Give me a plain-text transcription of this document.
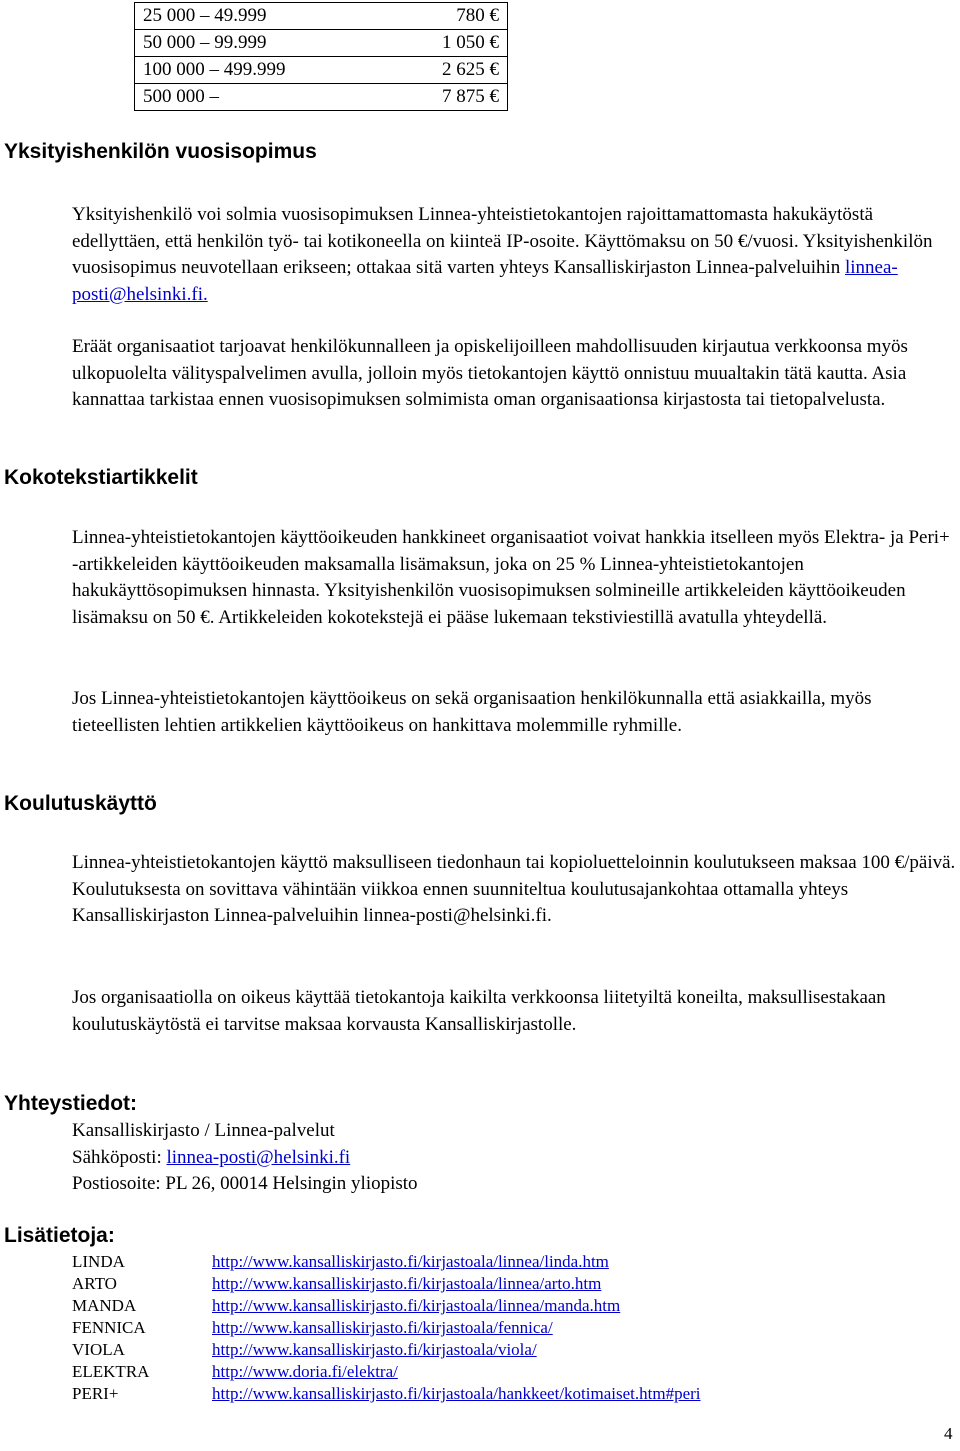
25 000 – 49.999	780 €
50 000 – 99.999	1 050 €
100 000 – 499.999	2 625 €
500 000 –	7 875 €
Yksityishenkilön vuosisopimus

Yksityishenkilö voi solmia vuosisopimuksen Linnea-yhteistietokantojen rajoittamattomasta hakukäytöstä edellyttäen, että henkilön työ- tai kotikoneella on kiinteä IP-osoite. Käyttömaksu on 50 €/vuosi. Yksityishenkilön vuosisopimus neuvotellaan erikseen; ottakaa sitä varten yhteys Kansalliskirjaston Linnea-palveluihin linnea-posti@helsinki.fi.

Eräät organisaatiot tarjoavat henkilökunnalleen ja opiskelijoilleen mahdollisuuden kirjautua verkkoonsa myös ulkopuolelta välityspalvelimen avulla, jolloin myös tietokantojen käyttö onnistuu muualtakin tätä kautta. Asia kannattaa tarkistaa ennen vuosisopimuksen solmimista oman organisaationsa kirjastosta tai tietopalvelusta.

Kokotekstiartikkelit

Linnea-yhteistietokantojen käyttöoikeuden hankkineet organisaatiot voivat hankkia itselleen myös Elektra- ja Peri+ -artikkeleiden käyttöoikeuden maksamalla lisämaksun, joka on 25 % Linnea-yhteistietokantojen hakukäyttösopimuksen hinnasta. Yksityishenkilön vuosisopimuksen solmineille artikkeleiden käyttöoikeuden lisämaksu on 50 €. Artikkeleiden kokotekstejä ei pääse lukemaan tekstiviestillä avatulla yhteydellä.

Jos Linnea-yhteistietokantojen käyttöoikeus on sekä organisaation henkilökunnalla että asiakkailla, myös tieteellisten lehtien artikkelien käyttöoikeus on hankittava molemmille ryhmille.

Koulutuskäyttö

Linnea-yhteistietokantojen käyttö maksulliseen tiedonhaun tai kopioluetteloinnin koulutukseen maksaa 100 €/päivä. Koulutuksesta on sovittava vähintään viikkoa ennen suunniteltua koulutusajankohtaa ottamalla yhteys Kansalliskirjaston Linnea-palveluihin linnea-posti@helsinki.fi.

Jos organisaatiolla on oikeus käyttää tietokantoja kaikilta verkkoonsa liitetyiltä koneilta, maksullisestakaan koulutuskäytöstä ei tarvitse maksaa korvausta Kansalliskirjastolle.

Yhteystiedot:

Kansalliskirjasto / Linnea-palvelut

Sähköposti: linnea-posti@helsinki.fi

Postiosoite: PL 26, 00014 Helsingin yliopisto

Lisätietoja:
LINDA	http://www.kansalliskirjasto.fi/kirjastoala/linnea/linda.htm
ARTO	http://www.kansalliskirjasto.fi/kirjastoala/linnea/arto.htm
MANDA	http://www.kansalliskirjasto.fi/kirjastoala/linnea/manda.htm
FENNICA	http://www.kansalliskirjasto.fi/kirjastoala/fennica/
VIOLA	http://www.kansalliskirjasto.fi/kirjastoala/viola/
ELEKTRA	http://www.doria.fi/elektra/
PERI+	http://www.kansalliskirjasto.fi/kirjastoala/hankkeet/kotimaiset.htm#peri
4
